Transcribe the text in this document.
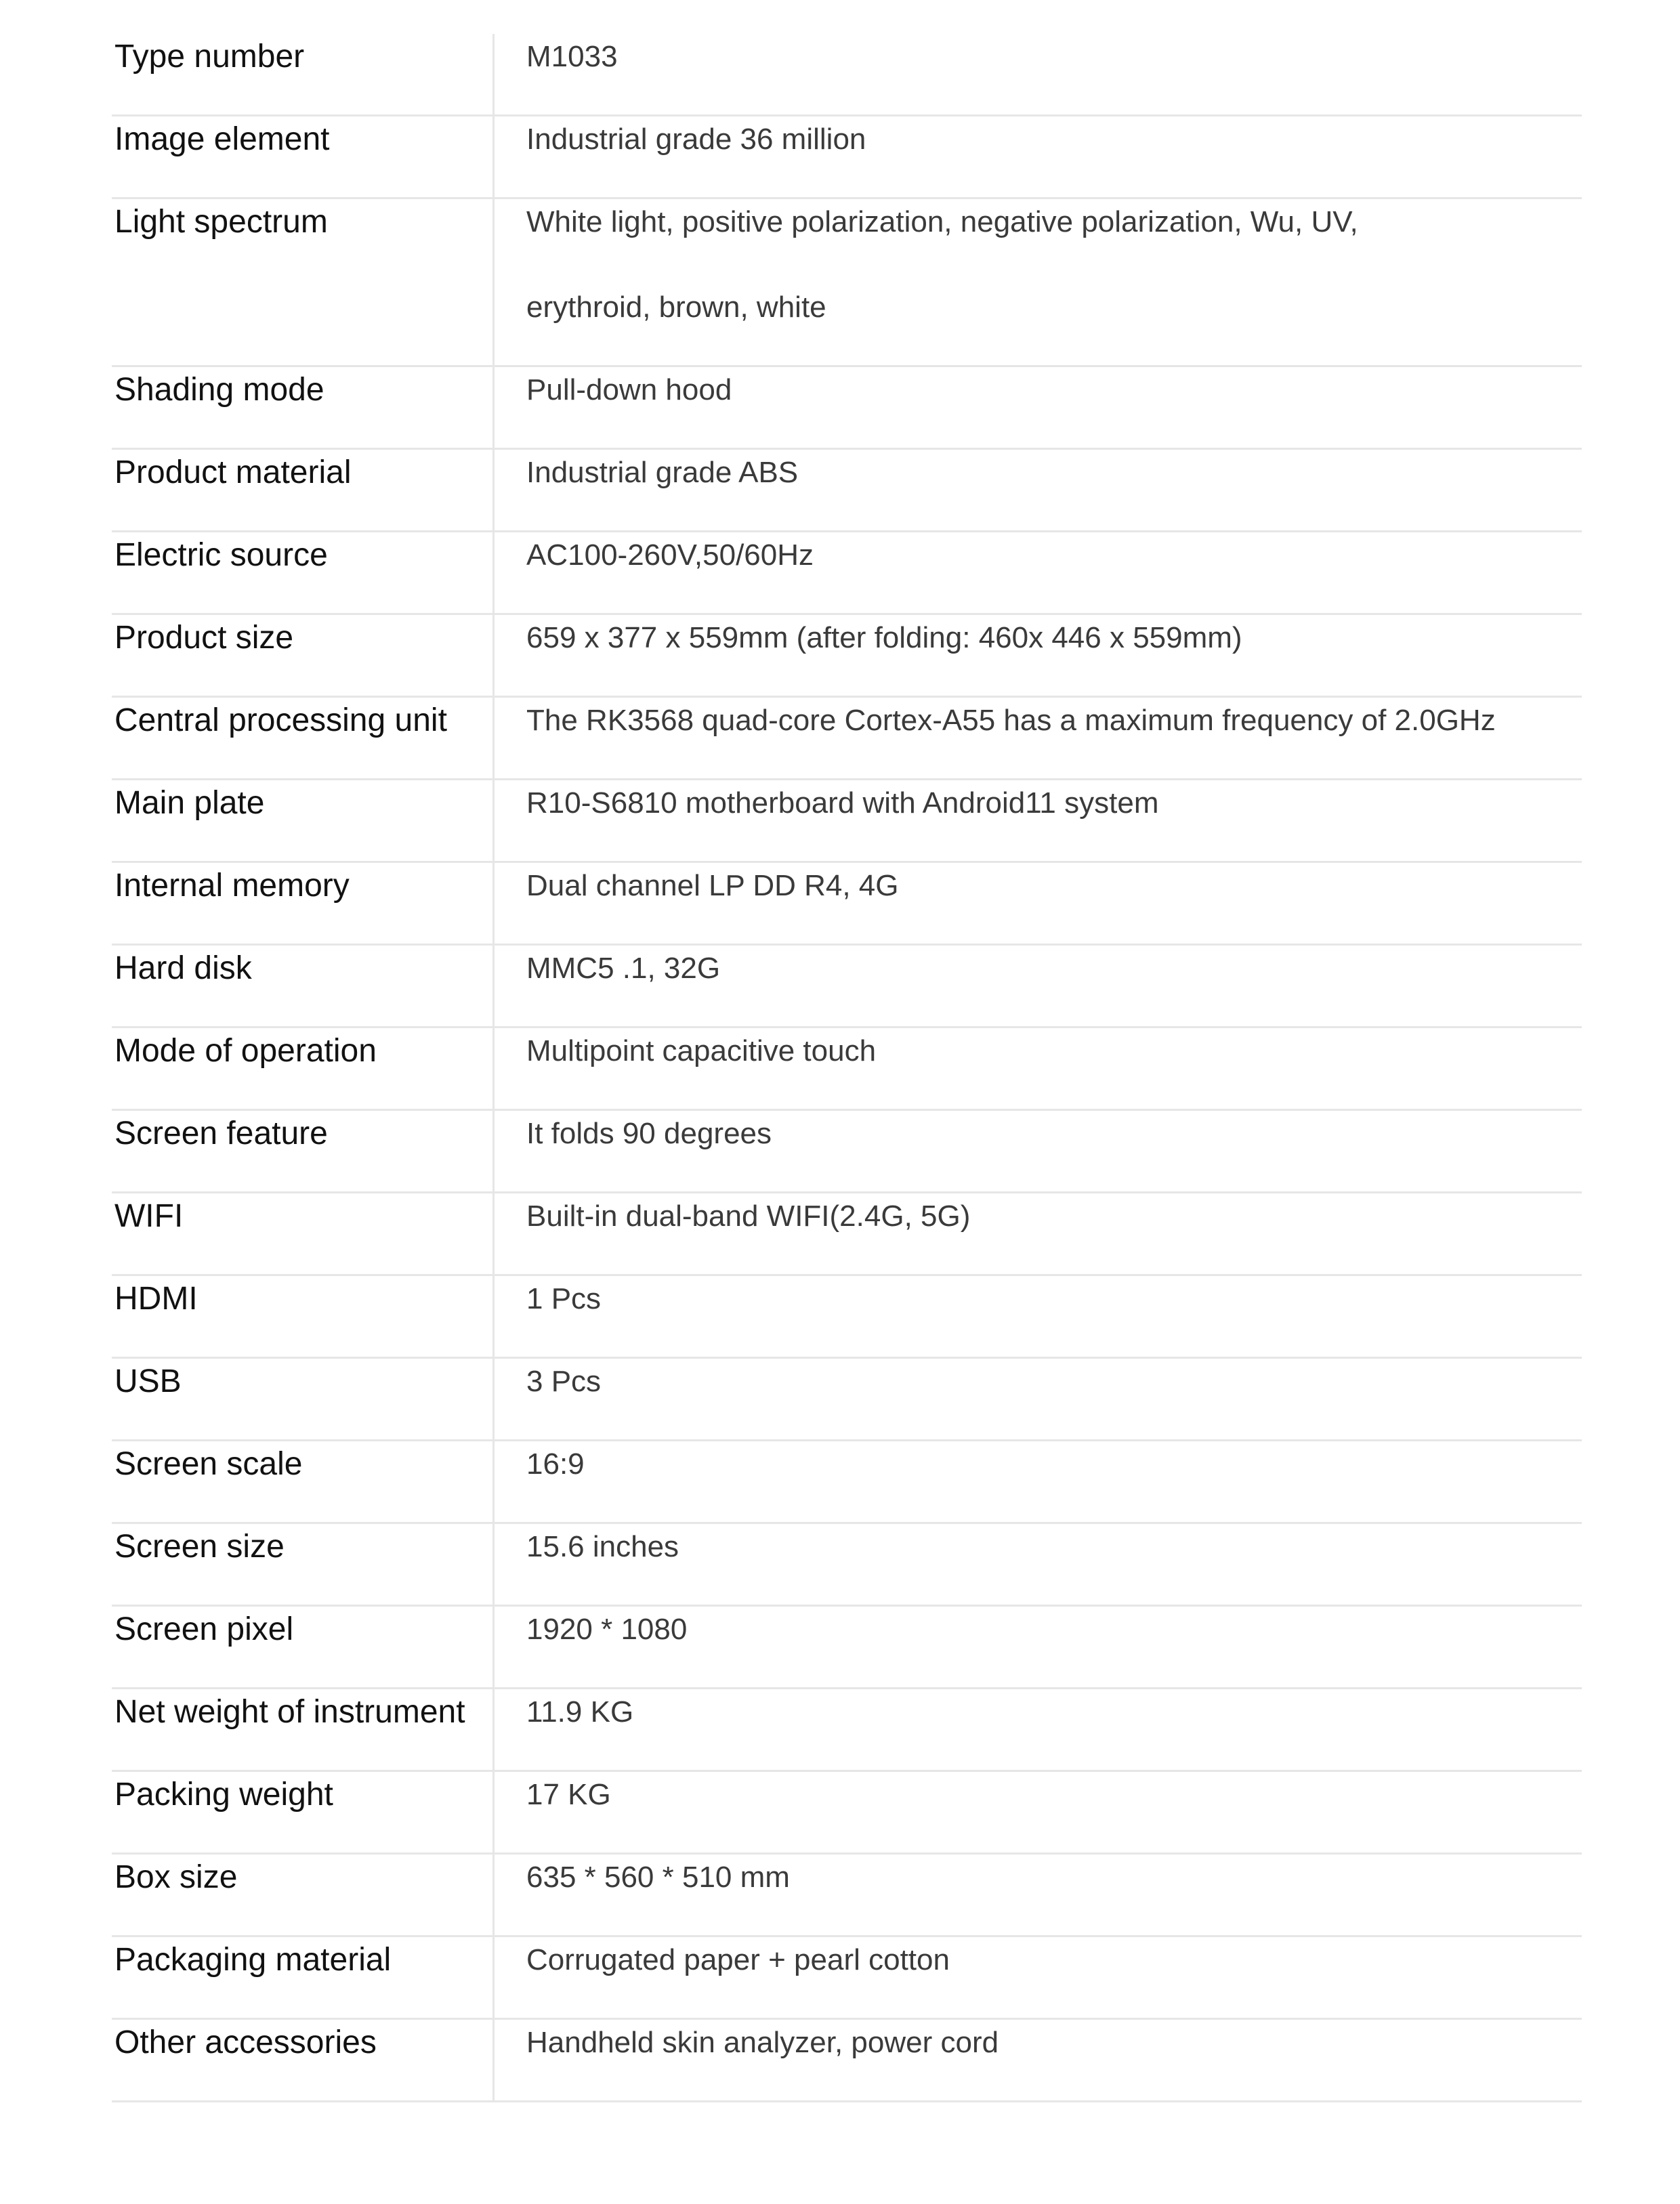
Type number	M1033
Image element	Industrial grade 36 million
Light spectrum	White light, positive polarization, negative polarization, Wu, UV,
erythroid, brown, white
Shading mode	Pull-down hood
Product material	Industrial grade ABS
Electric source	AC100-260V,50/60Hz
Product size	659 x 377 x 559mm (after folding: 460x 446 x 559mm)
Central processing unit	The RK3568 quad-core Cortex-A55 has a maximum frequency of 2.0GHz
Main plate	R10-S6810 motherboard with Android11 system
Internal memory	Dual channel LP DD R4, 4G
Hard disk	MMC5 .1, 32G
Mode of operation	Multipoint capacitive touch
Screen feature	It folds 90 degrees
WIFI	Built-in dual-band WIFI(2.4G, 5G)
HDMI	1 Pcs
USB	3 Pcs
Screen scale	16:9
Screen size	15.6 inches
Screen pixel	1920 * 1080
Net weight of instrument	11.9 KG
Packing weight	17 KG
Box size	635 * 560 * 510 mm
Packaging material	Corrugated paper + pearl cotton
Other accessories	Handheld skin analyzer, power cord
